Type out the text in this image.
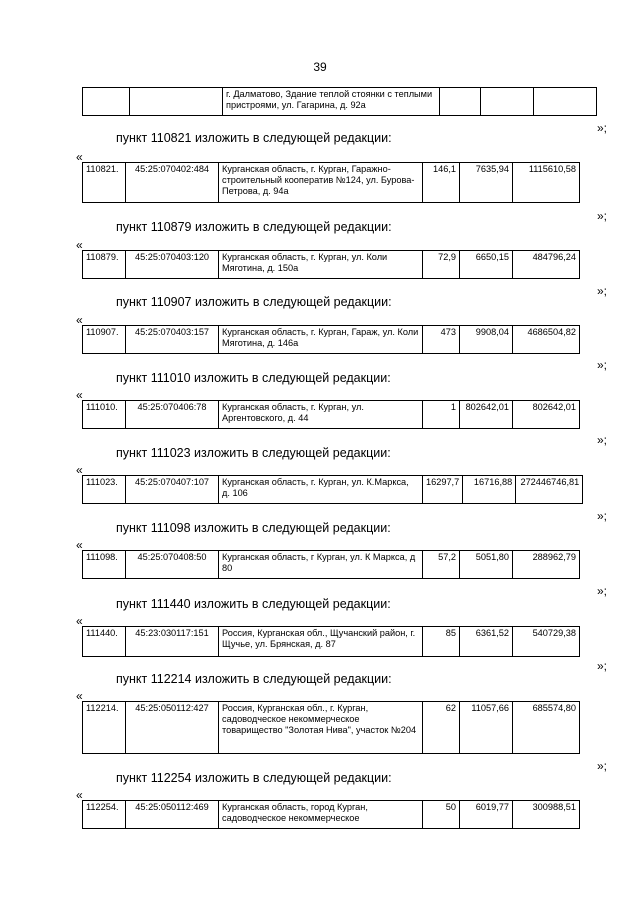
39
		г. Далматово, Здание теплой стоянки с теплыми пристроями, ул. Гагарина, д. 92а			
»;
пункт 110821 изложить в следующей редакции:
«
110821.	45:25:070402:484	Курганская область, г. Курган, Гаражно-строительный кооператив №124, ул. Бурова-Петрова, д. 94а	146,1	7635,94	1115610,58
»;
пункт 110879 изложить в следующей редакции:
«
110879.	45:25:070403:120	Курганская область, г. Курган, ул. Коли Мяготина, д. 150а	72,9	6650,15	484796,24
»;
пункт 110907 изложить в следующей редакции:
«
110907.	45:25:070403:157	Курганская область, г. Курган, Гараж, ул. Коли Мяготина, д. 146а	473	9908,04	4686504,82
»;
пункт 111010 изложить в следующей редакции:
«
111010.	45:25:070406:78	Курганская область, г. Курган, ул. Аргентовского, д. 44	1	802642,01	802642,01
»;
пункт 111023 изложить в следующей редакции:
«
111023.	45:25:070407:107	Курганская область, г. Курган, ул. К.Маркса, д. 106	16297,7	16716,88	272446746,81
»;
пункт 111098 изложить в следующей редакции:
«
111098.	45:25:070408:50	Курганская область, г Курган, ул. К Маркса, д 80	57,2	5051,80	288962,79
»;
пункт 111440 изложить в следующей редакции:
«
111440.	45:23:030117:151	Россия, Курганская обл., Щучанский район, г. Щучье, ул. Брянская, д. 87	85	6361,52	540729,38
»;
пункт 112214 изложить в следующей редакции:
«
112214.	45:25:050112:427	Россия, Курганская обл., г. Курган, садоводческое некоммерческое товарищество "Золотая Нива", участок №204	62	11057,66	685574,80
»;
пункт 112254 изложить в следующей редакции:
«
112254.	45:25:050112:469	Курганская область, город Курган, садоводческое некоммерческое	50	6019,77	300988,51
